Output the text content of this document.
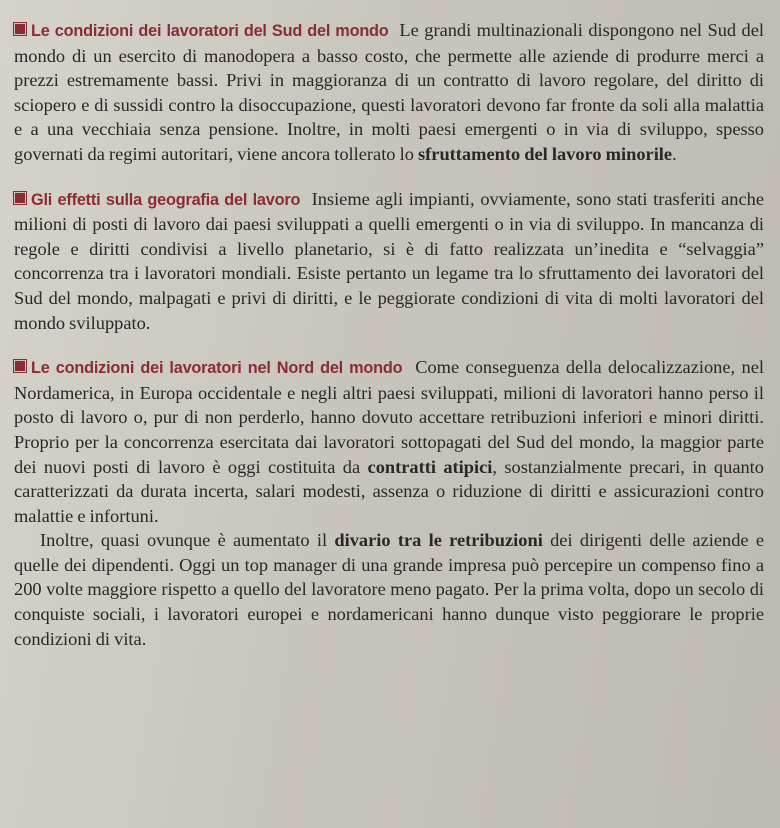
Le condizioni dei lavoratori del Sud del mondo Le grandi multinazionali dispongono nel Sud del mondo di un esercito di manodopera a basso costo, che permette alle aziende di produrre merci a prezzi estremamente bassi. Privi in maggioranza di un contratto di lavoro regolare, del diritto di sciopero e di sussidi contro la disoccupazione, questi lavoratori devono far fronte da soli alla malattia e a una vecchiaia senza pensione. Inoltre, in molti paesi emergenti o in via di sviluppo, spesso governati da regimi autoritari, viene ancora tollerato lo sfruttamento del lavoro minorile.

Gli effetti sulla geografia del lavoro Insieme agli impianti, ovviamente, sono stati trasferiti anche milioni di posti di lavoro dai paesi sviluppati a quelli emergenti o in via di sviluppo. In mancanza di regole e diritti condivisi a livello planetario, si è di fatto realizzata un’inedita e “selvaggia” concorrenza tra i lavoratori mondiali. Esiste pertanto un legame tra lo sfruttamento dei lavoratori del Sud del mondo, malpagati e privi di diritti, e le peggiorate condizioni di vita di molti lavoratori del mondo sviluppato.

Le condizioni dei lavoratori nel Nord del mondo Come conseguenza della delocalizzazione, nel Nordamerica, in Europa occidentale e negli altri paesi sviluppati, milioni di lavoratori hanno perso il posto di lavoro o, pur di non perderlo, hanno dovuto accettare retribuzioni inferiori e minori diritti. Proprio per la concorrenza esercitata dai lavoratori sottopagati del Sud del mondo, la maggior parte dei nuovi posti di lavoro è oggi costituita da contratti atipici, sostanzialmente precari, in quanto caratterizzati da durata incerta, salari modesti, assenza o riduzione di diritti e assicurazioni contro malattie e infortuni.

Inoltre, quasi ovunque è aumentato il divario tra le retribuzioni dei dirigenti delle aziende e quelle dei dipendenti. Oggi un top manager di una grande impresa può percepire un compenso fino a 200 volte maggiore rispetto a quello del lavoratore meno pagato. Per la prima volta, dopo un secolo di conquiste sociali, i lavoratori europei e nordamericani hanno dunque visto peggiorare le proprie condizioni di vita.
